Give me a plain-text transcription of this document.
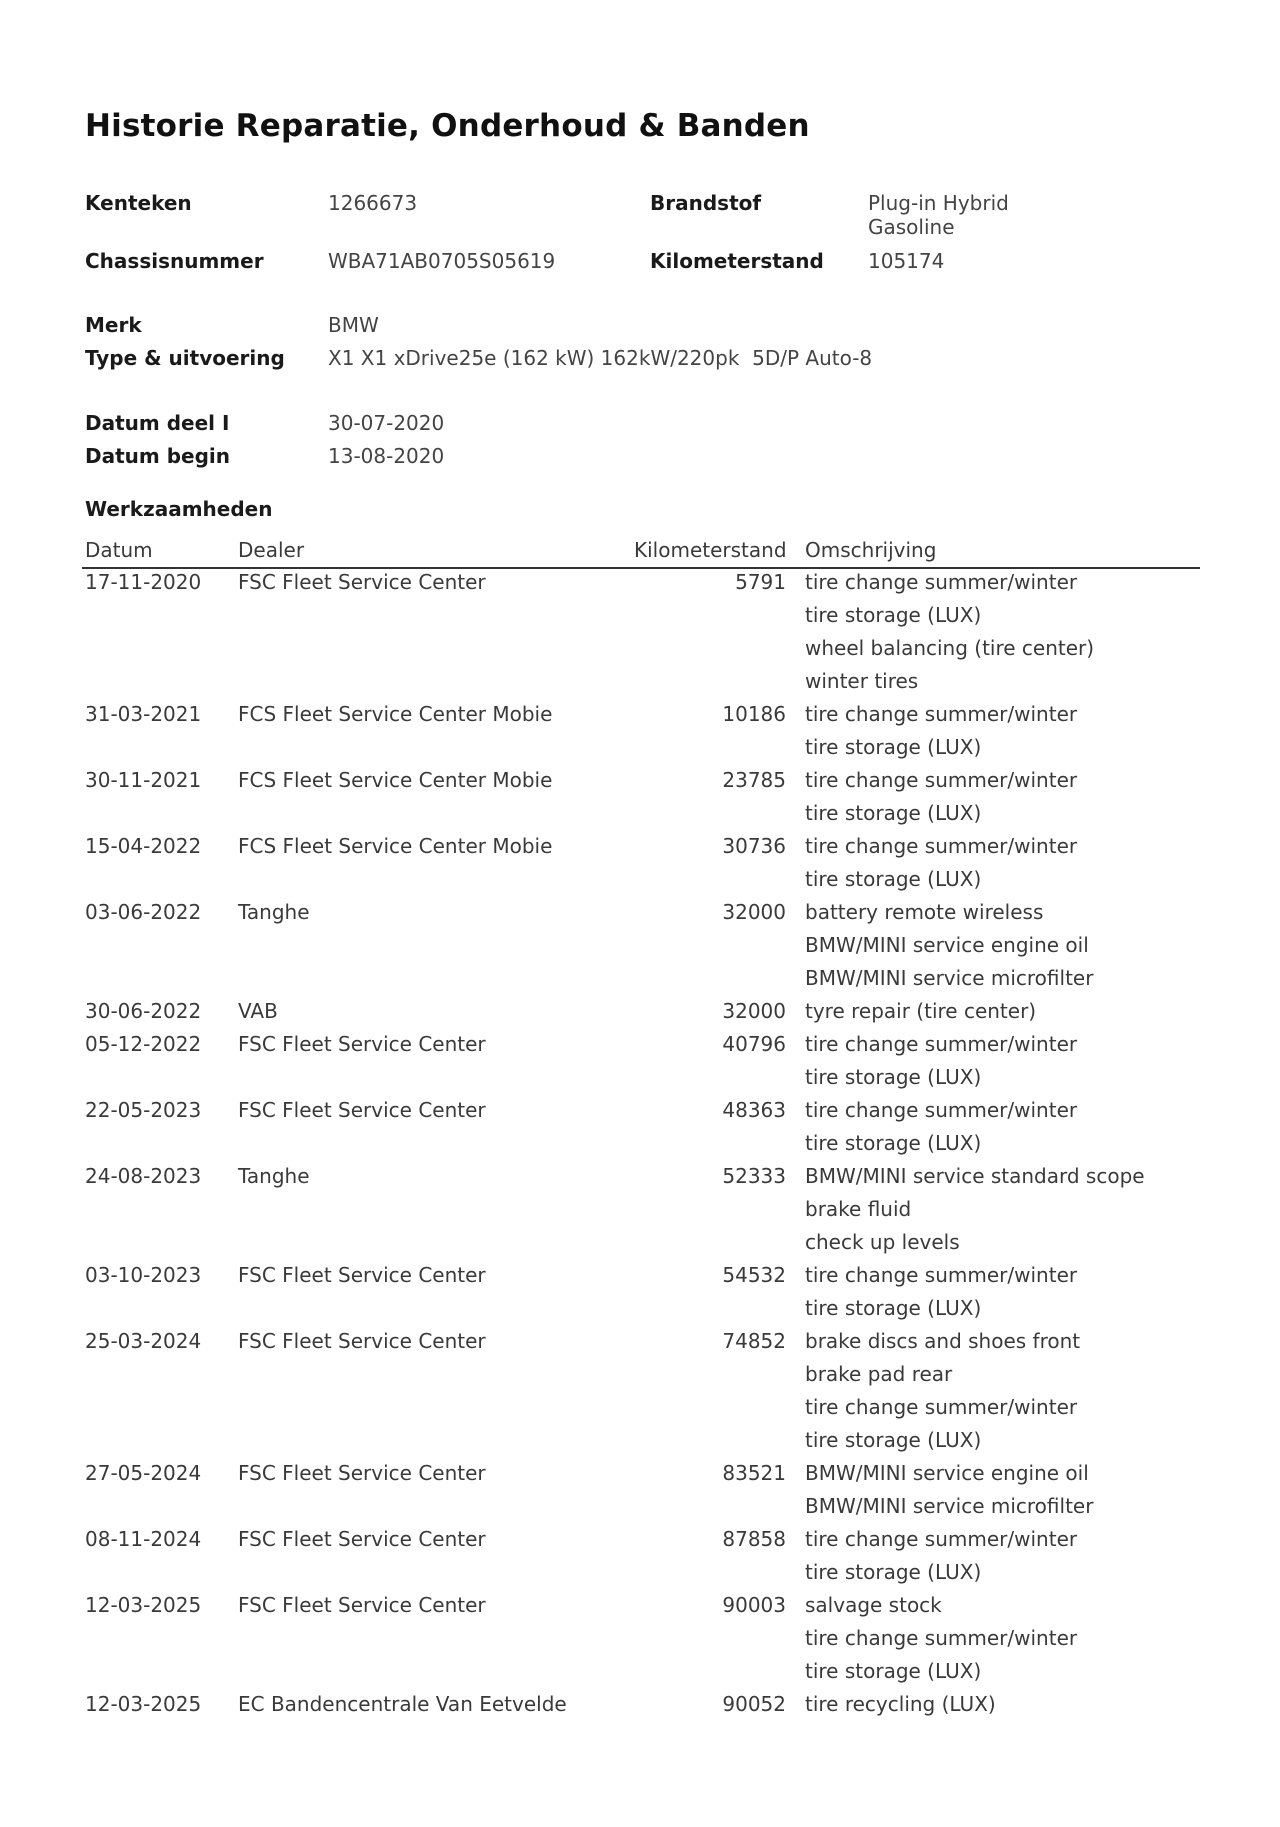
Historie Reparatie, Onderhoud & Banden
Kenteken	1266673	Brandstof	Plug-in Hybrid
Gasoline
Chassisnummer	WBA71AB0705S05619	Kilometerstand 105174
Merk	BMW
Type & uitvoering X1 X1 xDrive25e (162 kW) 162kW/220pk  5D/P Auto-8
Datum deel I	30-07-2020
Datum begin	13-08-2020
Werkzaamheden
Datum	Dealer	Kilometerstand Omschrijving
17-11-2020 FSC Fleet Service Center	5791 tire change summer/winter
tire storage (LUX)
wheel balancing (tire center)
winter tires
31-03-2021 FCS Fleet Service Center Mobie	10186 tire change summer/winter
tire storage (LUX)
30-11-2021 FCS Fleet Service Center Mobie	23785 tire change summer/winter
tire storage (LUX)
15-04-2022 FCS Fleet Service Center Mobie	30736 tire change summer/winter
tire storage (LUX)
03-06-2022 Tanghe	32000 battery remote wireless
BMW/MINI service engine oil
BMW/MINI service microfilter
30-06-2022 VAB	32000 tyre repair (tire center)
05-12-2022 FSC Fleet Service Center	40796 tire change summer/winter
tire storage (LUX)
22-05-2023 FSC Fleet Service Center	48363 tire change summer/winter
tire storage (LUX)
24-08-2023 Tanghe	52333 BMW/MINI service standard scope
brake fluid
check up levels
03-10-2023 FSC Fleet Service Center	54532 tire change summer/winter
tire storage (LUX)
25-03-2024 FSC Fleet Service Center	74852 brake discs and shoes front
brake pad rear
tire change summer/winter
tire storage (LUX)
27-05-2024 FSC Fleet Service Center	83521 BMW/MINI service engine oil
BMW/MINI service microfilter
08-11-2024 FSC Fleet Service Center	87858 tire change summer/winter
tire storage (LUX)
12-03-2025 FSC Fleet Service Center	90003 salvage stock
tire change summer/winter
tire storage (LUX)
12-03-2025 EC Bandencentrale Van Eetvelde	90052 tire recycling (LUX)
